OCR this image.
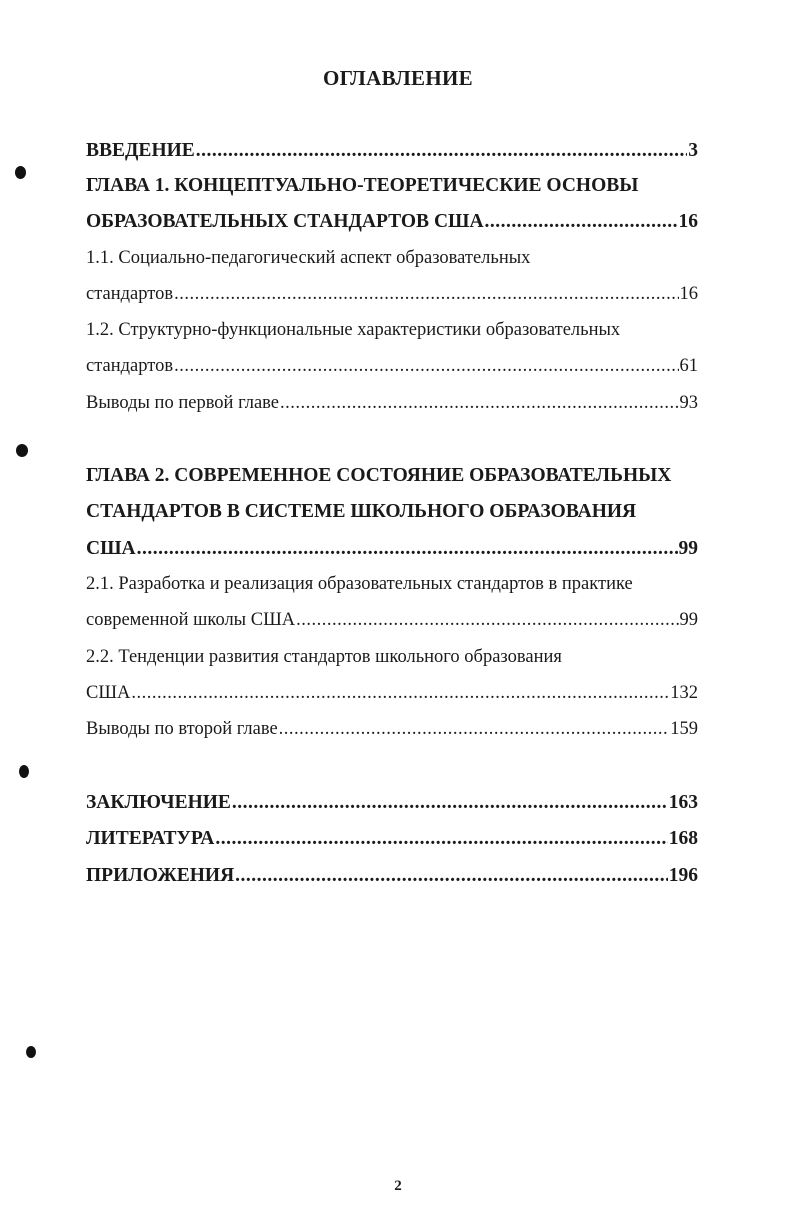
ОГЛАВЛЕНИЕ
ВВЕДЕНИЕ .....	3
ГЛАВА 1. КОНЦЕПТУАЛЬНО-ТЕОРЕТИЧЕСКИЕ ОСНОВЫ
ОБРАЗОВАТЕЛЬНЫХ СТАНДАРТОВ США .....	16
1.1. Социально-педагогический аспект образовательных
стандартов .....	16
1.2. Структурно-функциональные характеристики образовательных
стандартов .....	61
Выводы по первой главе .....	93
ГЛАВА 2. СОВРЕМЕННОЕ СОСТОЯНИЕ ОБРАЗОВАТЕЛЬНЫХ
СТАНДАРТОВ В СИСТЕМЕ ШКОЛЬНОГО ОБРАЗОВАНИЯ
США .....	99
2.1. Разработка и реализация образовательных стандартов в практике
современной школы США .....	99
2.2. Тенденции развития стандартов школьного образования
США .....	132
Выводы по второй главе .....	159
ЗАКЛЮЧЕНИЕ .....	163
ЛИТЕРАТУРА .....	168
ПРИЛОЖЕНИЯ .....	196
2
